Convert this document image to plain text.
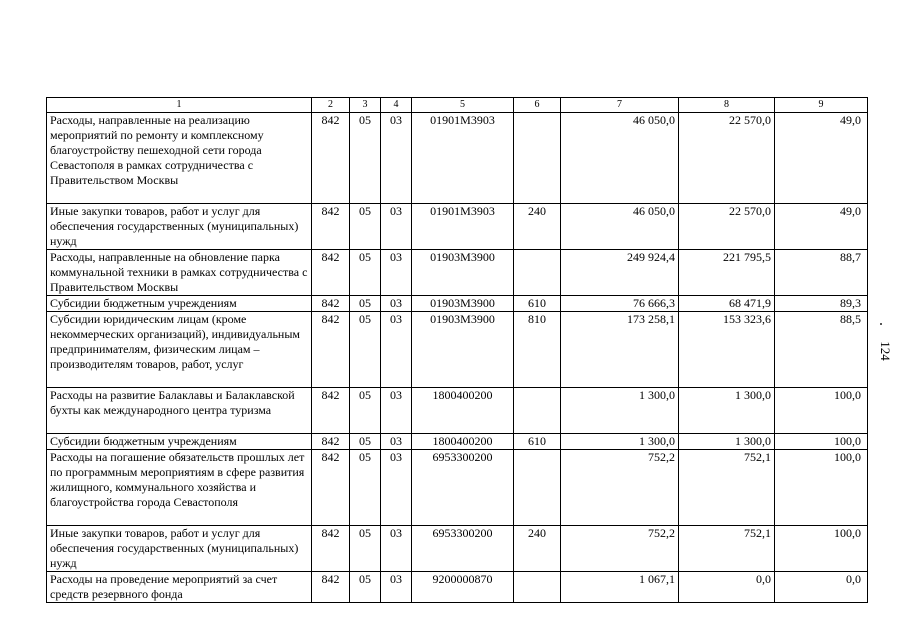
1	2	3	4	5	6	7	8	9
Расходы, направленные на реализацию мероприятий по ремонту и комплексному благоустройству пешеходной сети города Севастополя в рамках сотрудничества с Правительством Москвы	842	05	03	01901М3903		46 050,0	22 570,0	49,0
Иные закупки товаров, работ и услуг для обеспечения государственных (муниципальных) нужд	842	05	03	01901М3903	240	46 050,0	22 570,0	49,0
Расходы, направленные на обновление парка коммунальной техники в рамках сотрудничества с Правительством Москвы	842	05	03	01903М3900		249 924,4	221 795,5	88,7
Субсидии бюджетным учреждениям	842	05	03	01903М3900	610	76 666,3	68 471,9	89,3
Субсидии юридическим лицам (кроме некоммерческих организаций), индивидуальным предпринимателям, физическим лицам – производителям товаров, работ, услуг	842	05	03	01903М3900	810	173 258,1	153 323,6	88,5
Расходы на развитие Балаклавы и Балаклавской бухты как международного центра туризма	842	05	03	1800400200		1 300,0	1 300,0	100,0
Субсидии бюджетным учреждениям	842	05	03	1800400200	610	1 300,0	1 300,0	100,0
Расходы на погашение обязательств прошлых лет по программным мероприятиям в сфере развития жилищного, коммунального хозяйства и благоустройства города Севастополя	842	05	03	6953300200		752,2	752,1	100,0
Иные закупки товаров, работ и услуг для обеспечения государственных (муниципальных) нужд	842	05	03	6953300200	240	752,2	752,1	100,0
Расходы на проведение мероприятий за счет средств резервного фонда	842	05	03	9200000870		1 067,1	0,0	0,0
124
